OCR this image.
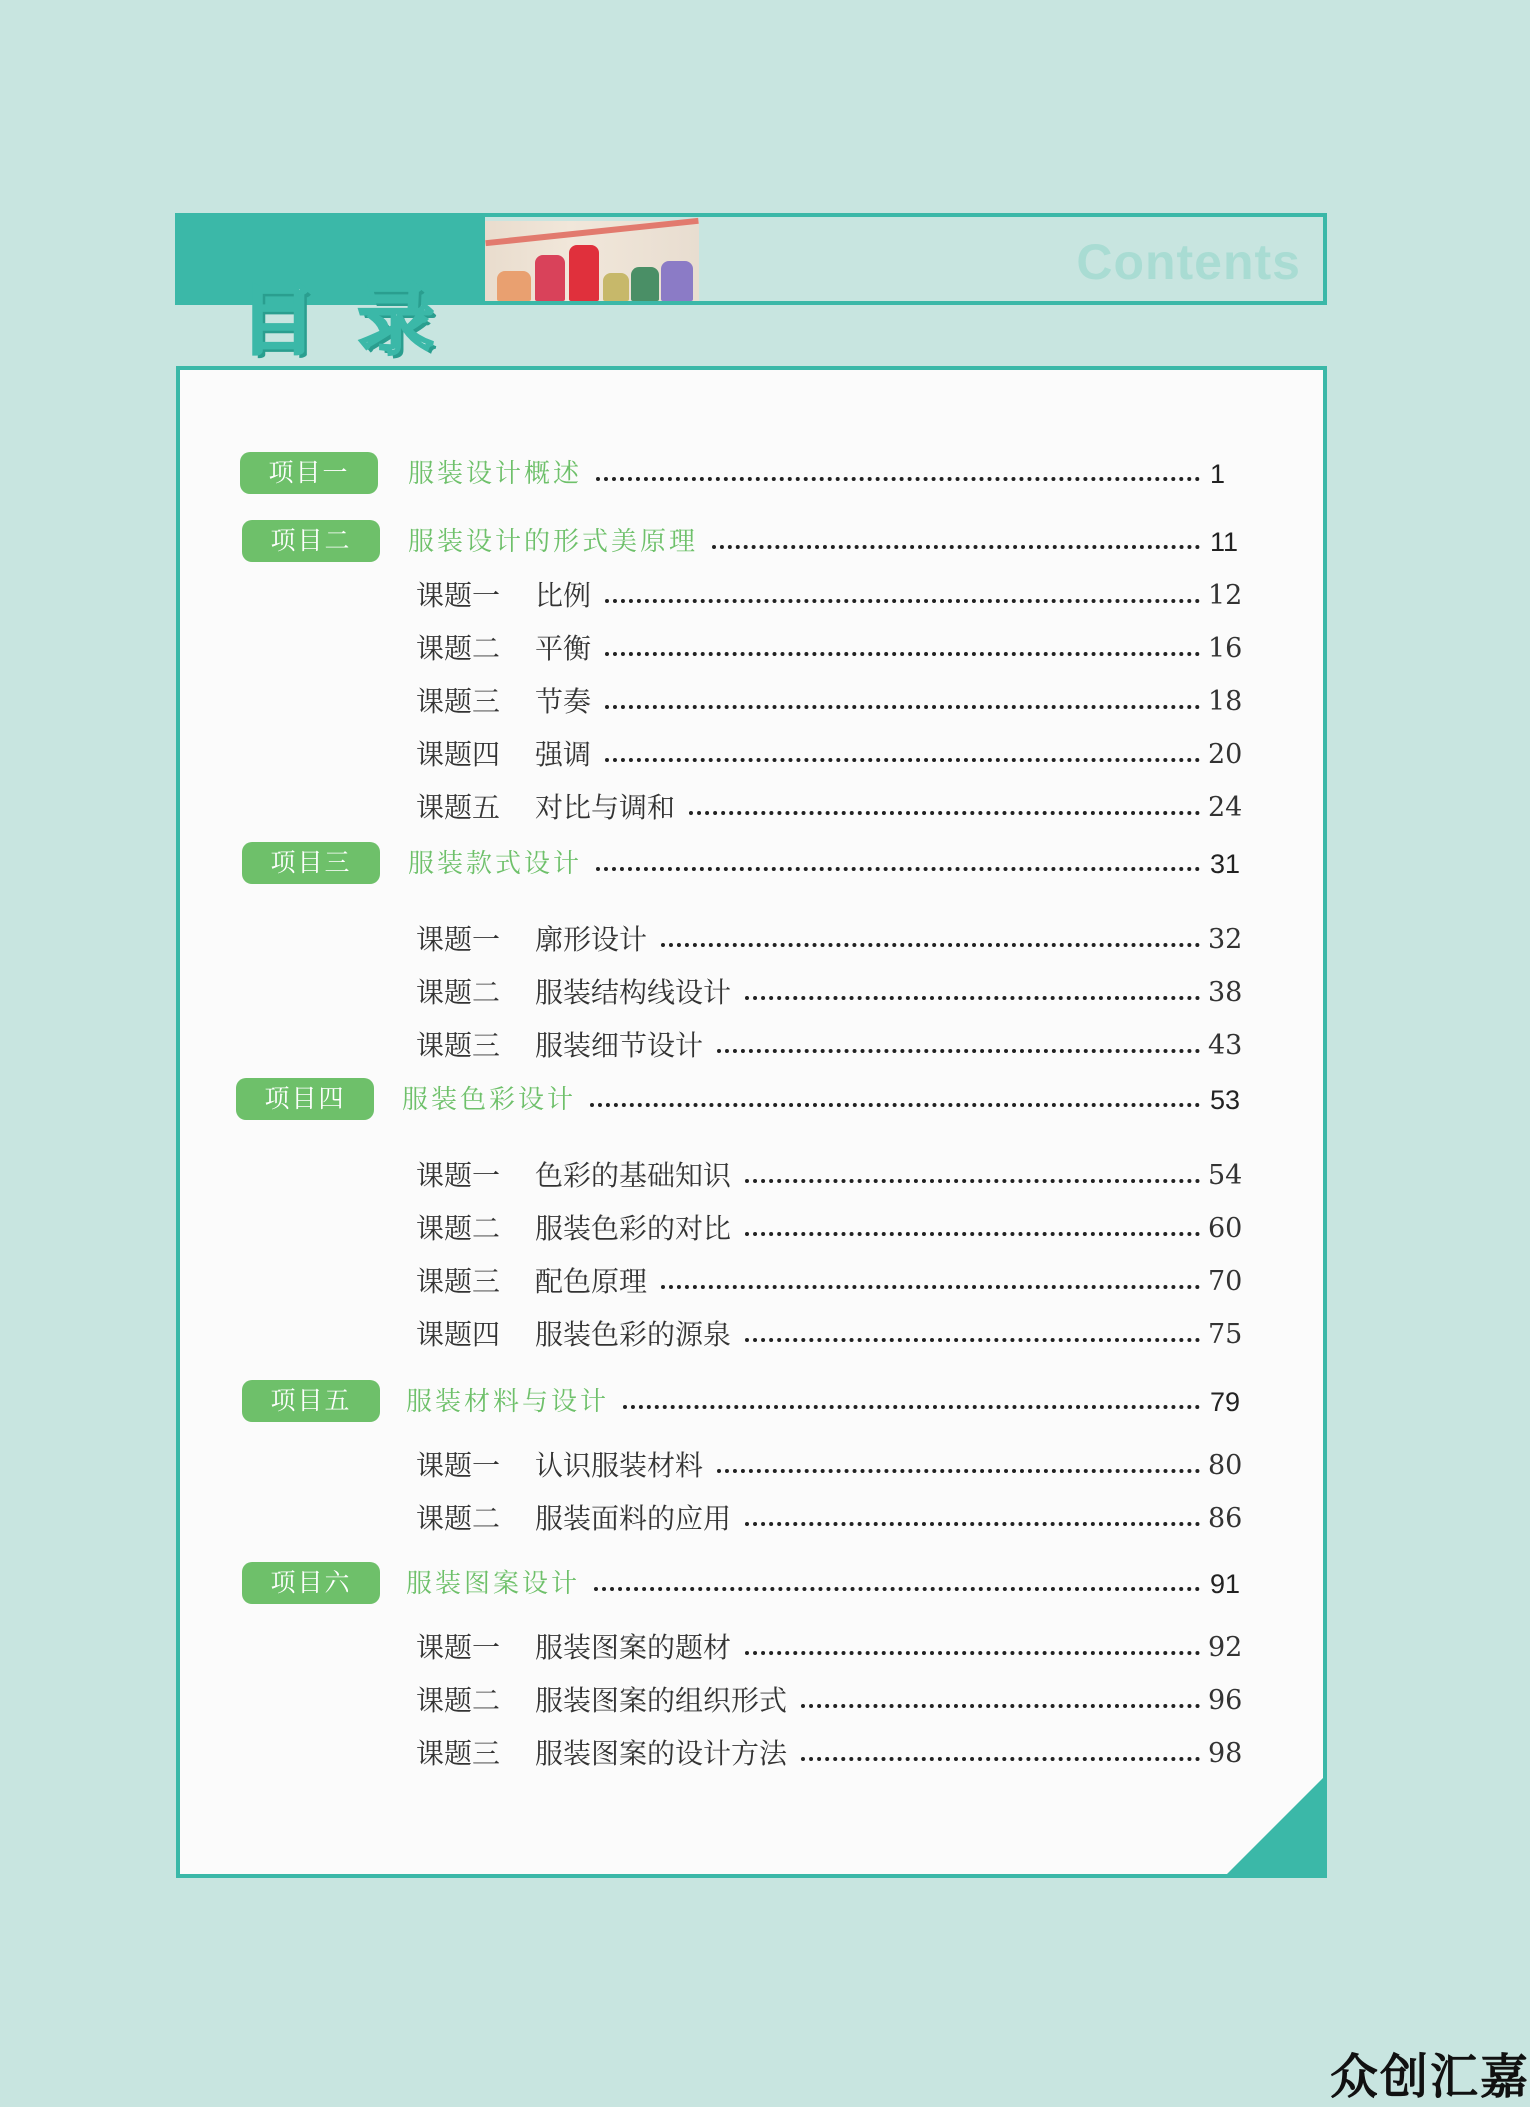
Contents
目录
项目一	服装设计概述	1
项目二	服装设计的形式美原理	11
课题一 比例	12
课题二 平衡	16
课题三 节奏	18
课题四 强调	20
课题五 对比与调和	24
项目三	服装款式设计	31
课题一 廓形设计	32
课题二 服装结构线设计	38
课题三 服装细节设计	43
项目四	服装色彩设计	53
课题一 色彩的基础知识	54
课题二 服装色彩的对比	60
课题三 配色原理	70
课题四 服装色彩的源泉	75
项目五	服装材料与设计	79
课题一 认识服装材料	80
课题二 服装面料的应用	86
项目六	服装图案设计	91
课题一 服装图案的题材	92
课题二 服装图案的组织形式	96
课题三 服装图案的设计方法	98
众创汇嘉
